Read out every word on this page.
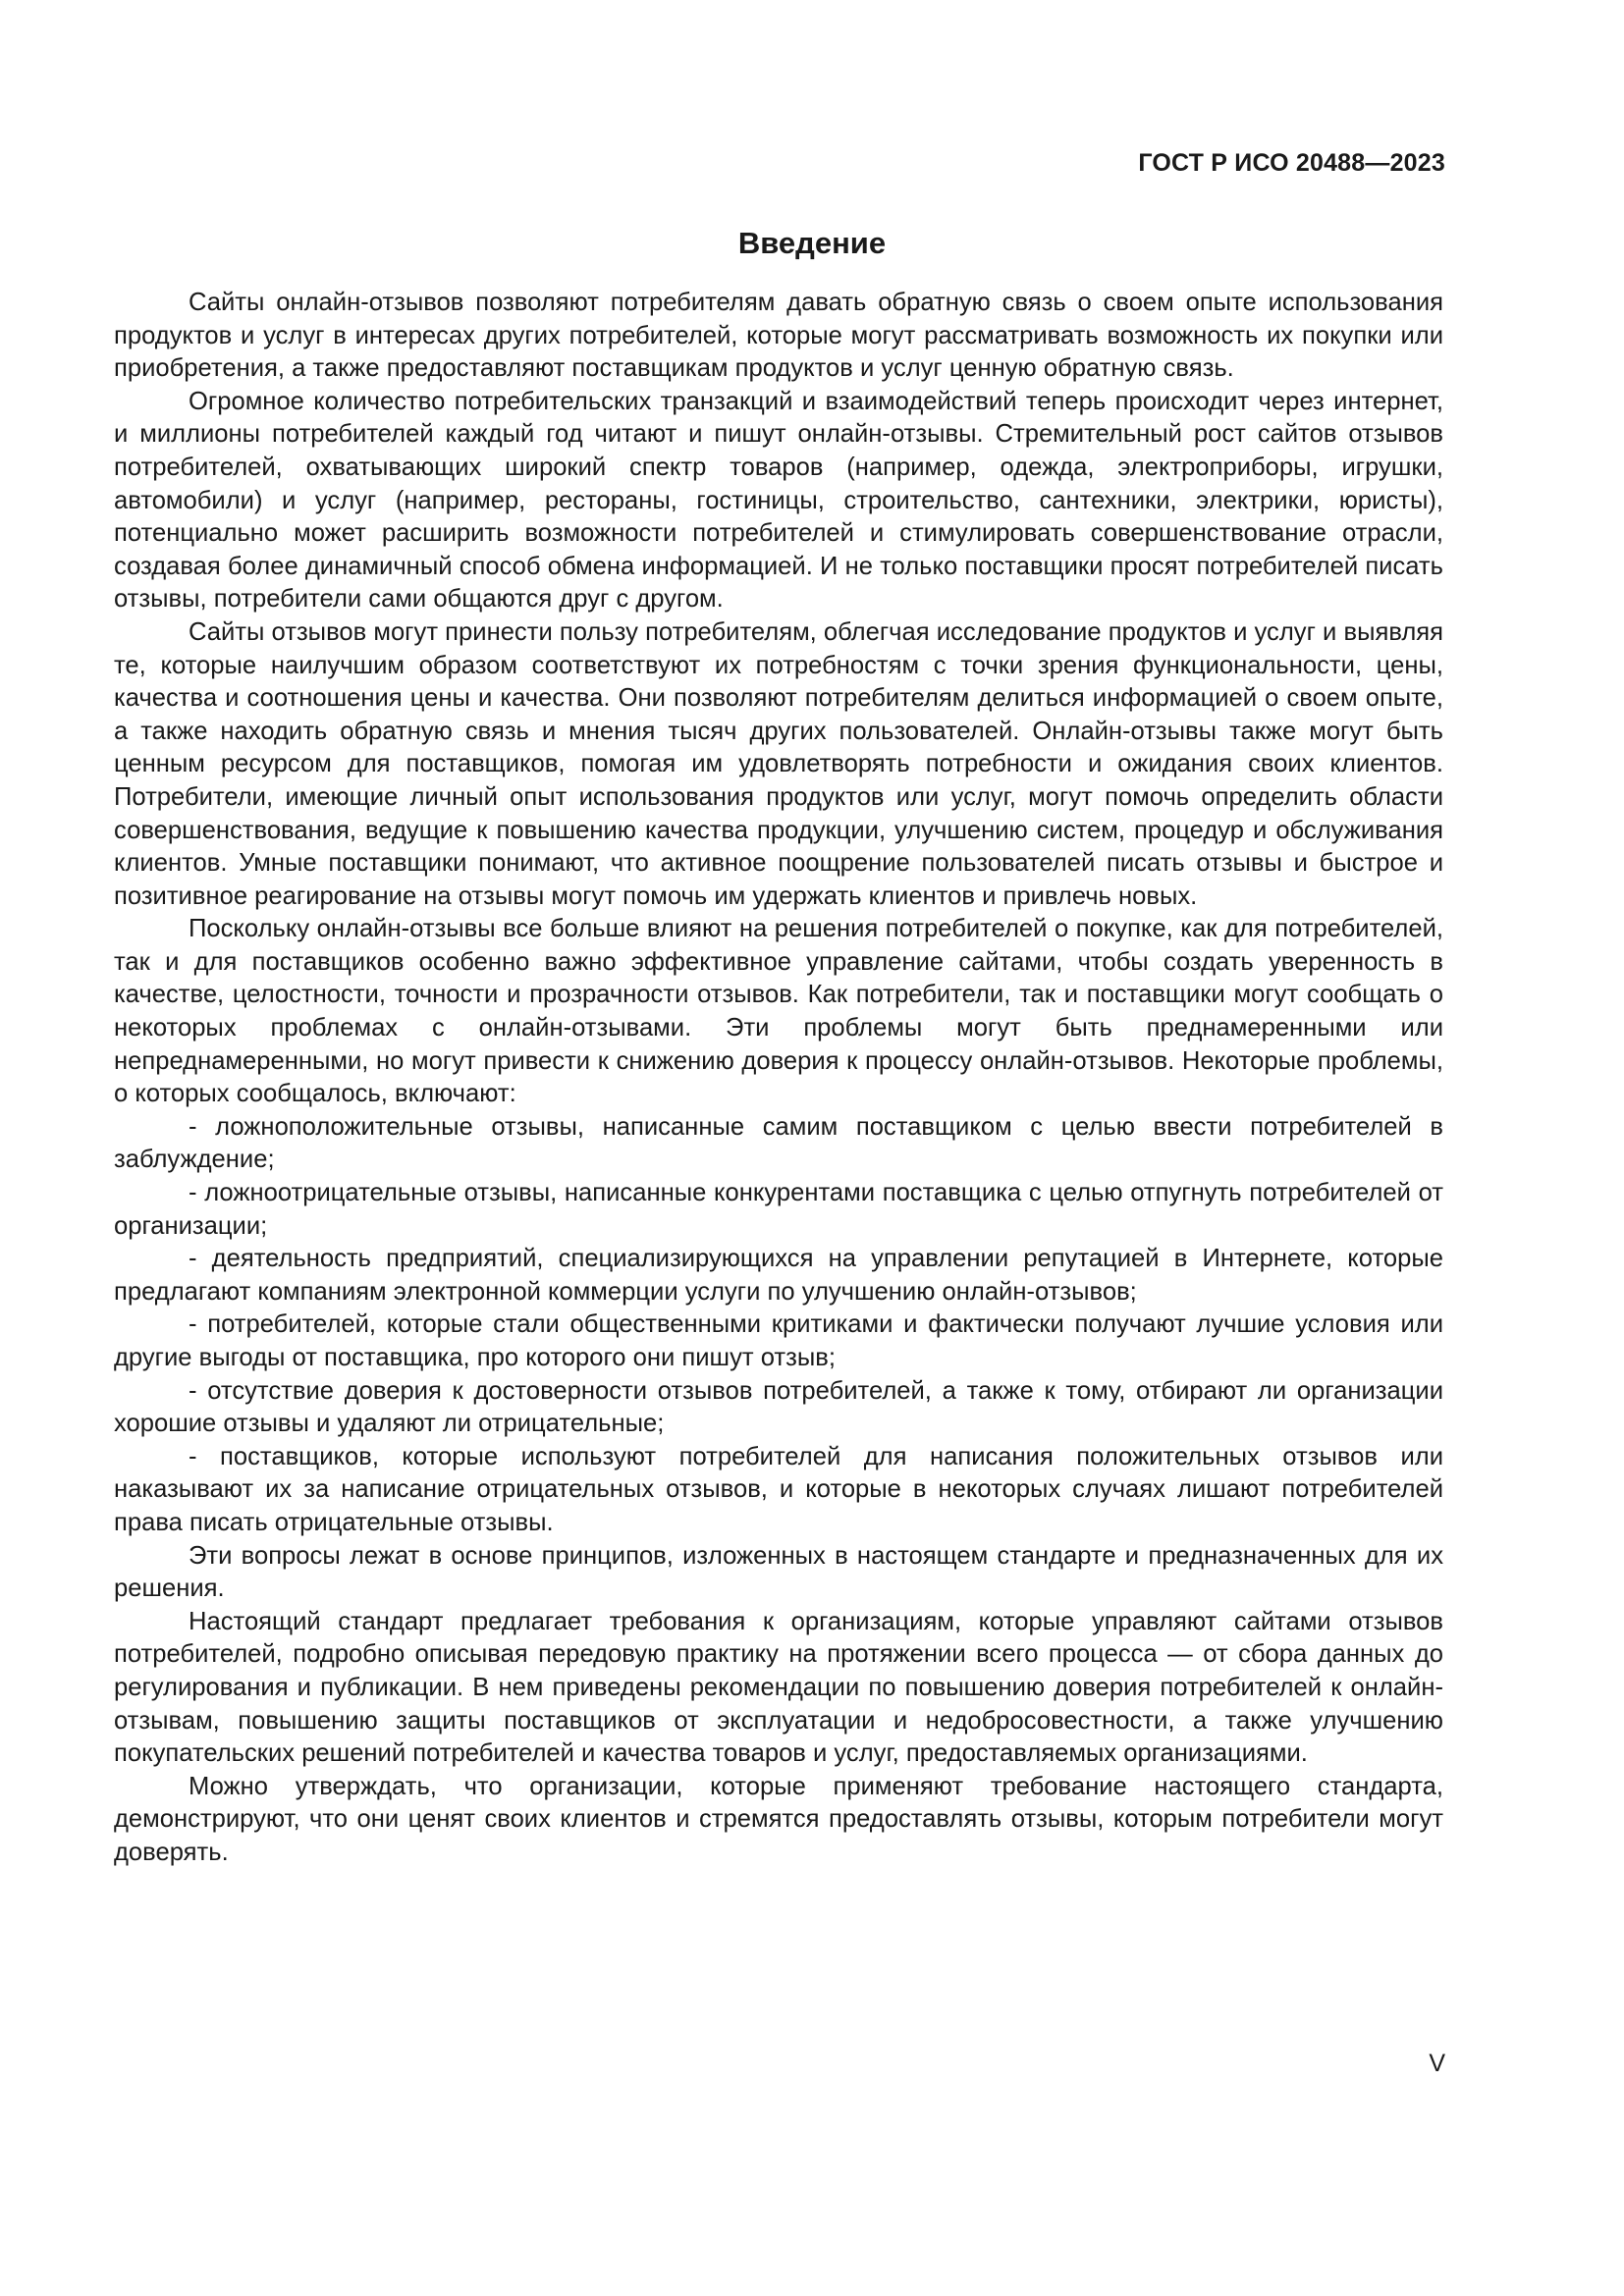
ГОСТ Р ИСО 20488—2023
Введение

Сайты онлайн-отзывов позволяют потребителям давать обратную связь о своем опыте использования продуктов и услуг в интересах других потребителей, которые могут рассматривать возможность их покупки или приобретения, а также предоставляют поставщикам продуктов и услуг ценную обратную связь.

Огромное количество потребительских транзакций и взаимодействий теперь происходит через интернет, и миллионы потребителей каждый год читают и пишут онлайн-отзывы. Стремительный рост сайтов отзывов потребителей, охватывающих широкий спектр товаров (например, одежда, электроприборы, игрушки, автомобили) и услуг (например, рестораны, гостиницы, строительство, сантехники, электрики, юристы), потенциально может расширить возможности потребителей и стимулировать совершенствование отрасли, создавая более динамичный способ обмена информацией. И не только поставщики просят потребителей писать отзывы, потребители сами общаются друг с другом.

Сайты отзывов могут принести пользу потребителям, облегчая исследование продуктов и услуг и выявляя те, которые наилучшим образом соответствуют их потребностям с точки зрения функциональности, цены, качества и соотношения цены и качества. Они позволяют потребителям делиться информацией о своем опыте, а также находить обратную связь и мнения тысяч других пользователей. Онлайн-отзывы также могут быть ценным ресурсом для поставщиков, помогая им удовлетворять потребности и ожидания своих клиентов. Потребители, имеющие личный опыт использования продуктов или услуг, могут помочь определить области совершенствования, ведущие к повышению качества продукции, улучшению систем, процедур и обслуживания клиентов. Умные поставщики понимают, что активное поощрение пользователей писать отзывы и быстрое и позитивное реагирование на отзывы могут помочь им удержать клиентов и привлечь новых.

Поскольку онлайн-отзывы все больше влияют на решения потребителей о покупке, как для потребителей, так и для поставщиков особенно важно эффективное управление сайтами, чтобы создать уверенность в качестве, целостности, точности и прозрачности отзывов. Как потребители, так и поставщики могут сообщать о некоторых проблемах с онлайн-отзывами. Эти проблемы могут быть преднамеренными или непреднамеренными, но могут привести к снижению доверия к процессу онлайн-отзывов. Некоторые проблемы, о которых сообщалось, включают:

- ложноположительные отзывы, написанные самим поставщиком с целью ввести потребителей в заблуждение;
- ложноотрицательные отзывы, написанные конкурентами поставщика с целью отпугнуть потребителей от организации;
- деятельность предприятий, специализирующихся на управлении репутацией в Интернете, которые предлагают компаниям электронной коммерции услуги по улучшению онлайн-отзывов;
- потребителей, которые стали общественными критиками и фактически получают лучшие условия или другие выгоды от поставщика, про которого они пишут отзыв;
- отсутствие доверия к достоверности отзывов потребителей, а также к тому, отбирают ли организации хорошие отзывы и удаляют ли отрицательные;
- поставщиков, которые используют потребителей для написания положительных отзывов или наказывают их за написание отрицательных отзывов, и которые в некоторых случаях лишают потребителей права писать отрицательные отзывы.

Эти вопросы лежат в основе принципов, изложенных в настоящем стандарте и предназначенных для их решения.

Настоящий стандарт предлагает требования к организациям, которые управляют сайтами отзывов потребителей, подробно описывая передовую практику на протяжении всего процесса — от сбора данных до регулирования и публикации. В нем приведены рекомендации по повышению доверия потребителей к онлайн-отзывам, повышению защиты поставщиков от эксплуатации и недобросовестности, а также улучшению покупательских решений потребителей и качества товаров и услуг, предоставляемых организациями.

Можно утверждать, что организации, которые применяют требование настоящего стандарта, демонстрируют, что они ценят своих клиентов и стремятся предоставлять отзывы, которым потребители могут доверять.

V
